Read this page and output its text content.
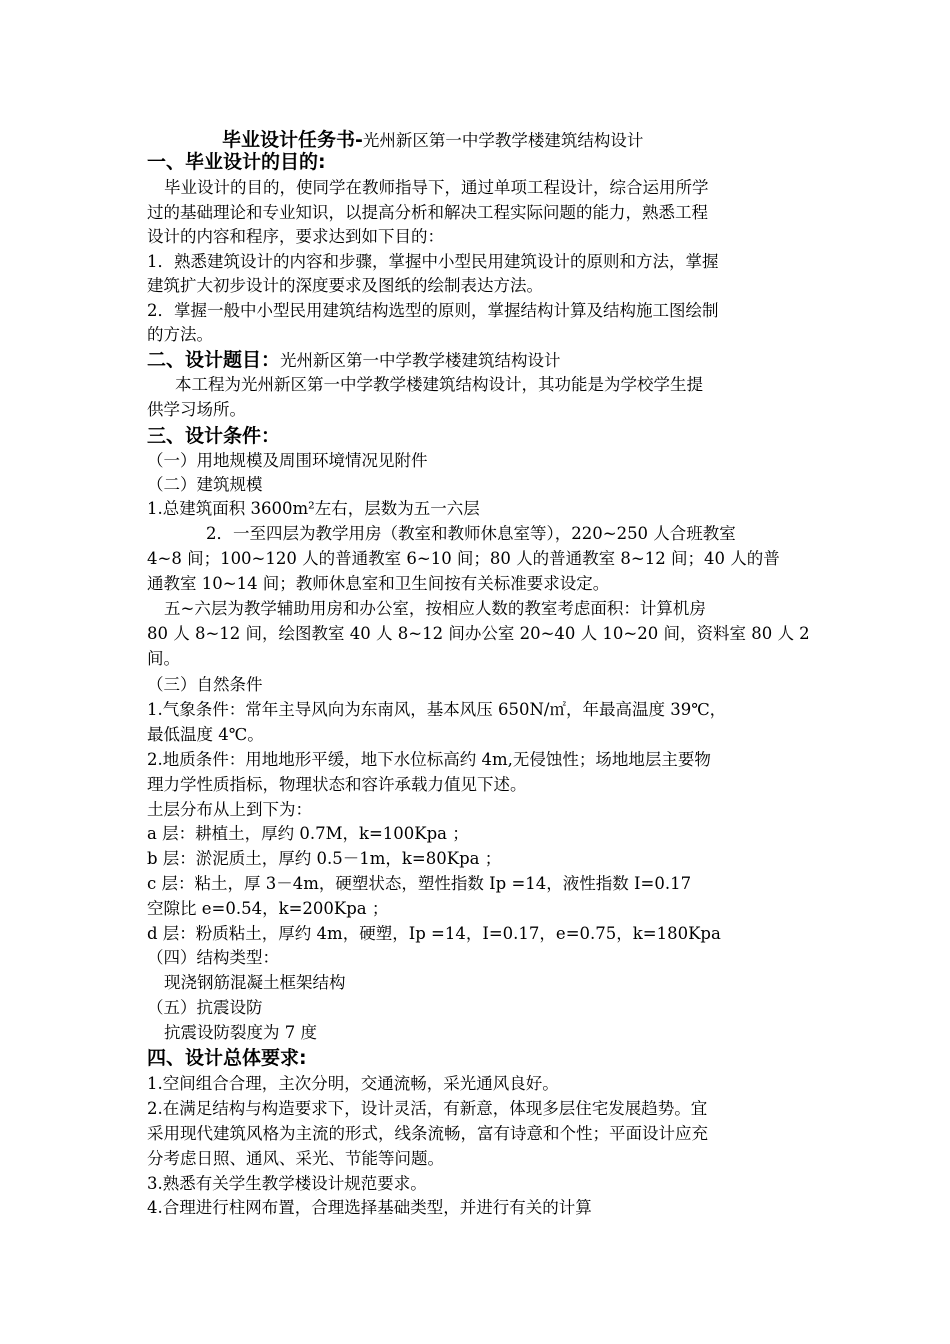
毕业设计任务书-光州新区第一中学教学楼建筑结构设计
一、毕业设计的目的:
毕业设计的目的，使同学在教师指导下，通过单项工程设计，综合运用所学
过的基础理论和专业知识，以提高分析和解决工程实际问题的能力，熟悉工程
设计的内容和程序，要求达到如下目的：
1．熟悉建筑设计的内容和步骤，掌握中小型民用建筑设计的原则和方法，掌握
建筑扩大初步设计的深度要求及图纸的绘制表达方法。
2．掌握一般中小型民用建筑结构选型的原则，掌握结构计算及结构施工图绘制
的方法。
二、设计题目：光州新区第一中学教学楼建筑结构设计
本工程为光州新区第一中学教学楼建筑结构设计，其功能是为学校学生提
供学习场所。
三、设计条件：
（一）用地规模及周围环境情况见附件
（二）建筑规模
1.总建筑面积 3600m²左右，层数为五一六层
2．一至四层为教学用房（教室和教师休息室等），220~250 人合班教室
4~8 间；100~120 人的普通教室 6~10 间；80 人的普通教室 8~12 间；40 人的普
通教室 10~14 间；教师休息室和卫生间按有关标准要求设定。
五~六层为教学辅助用房和办公室，按相应人数的教室考虑面积：计算机房
80 人 8~12 间，绘图教室 40 人 8~12 间办公室 20~40 人 10~20 间，资料室 80 人 2
间。
（三）自然条件
1.气象条件：常年主导风向为东南风，基本风压 650N/㎡，年最高温度 39℃，
最低温度 4℃。
2.地质条件：用地地形平缓，地下水位标高约 4m,无侵蚀性；场地地层主要物
理力学性质指标，物理状态和容许承载力值见下述。
土层分布从上到下为：
a 层：耕植土，厚约 0.7M，k=100Kpa ；
b 层：淤泥质土，厚约 0.5－1m，k=80Kpa ；
c 层：粘土，厚 3－4m，硬塑状态，塑性指数 Ip =14，液性指数 I=0.17
空隙比 e=0.54，k=200Kpa ；
d 层：粉质粘土，厚约 4m，硬塑，Ip =14，I=0.17，e=0.75，k=180Kpa
（四）结构类型：
现浇钢筋混凝土框架结构
（五）抗震设防
抗震设防裂度为 7 度
四、设计总体要求:
1.空间组合合理，主次分明，交通流畅，采光通风良好。
2.在满足结构与构造要求下，设计灵活，有新意，体现多层住宅发展趋势。宜
采用现代建筑风格为主流的形式，线条流畅，富有诗意和个性；平面设计应充
分考虑日照、通风、采光、节能等问题。
3.熟悉有关学生教学楼设计规范要求。
4.合理进行柱网布置，合理选择基础类型，并进行有关的计算
